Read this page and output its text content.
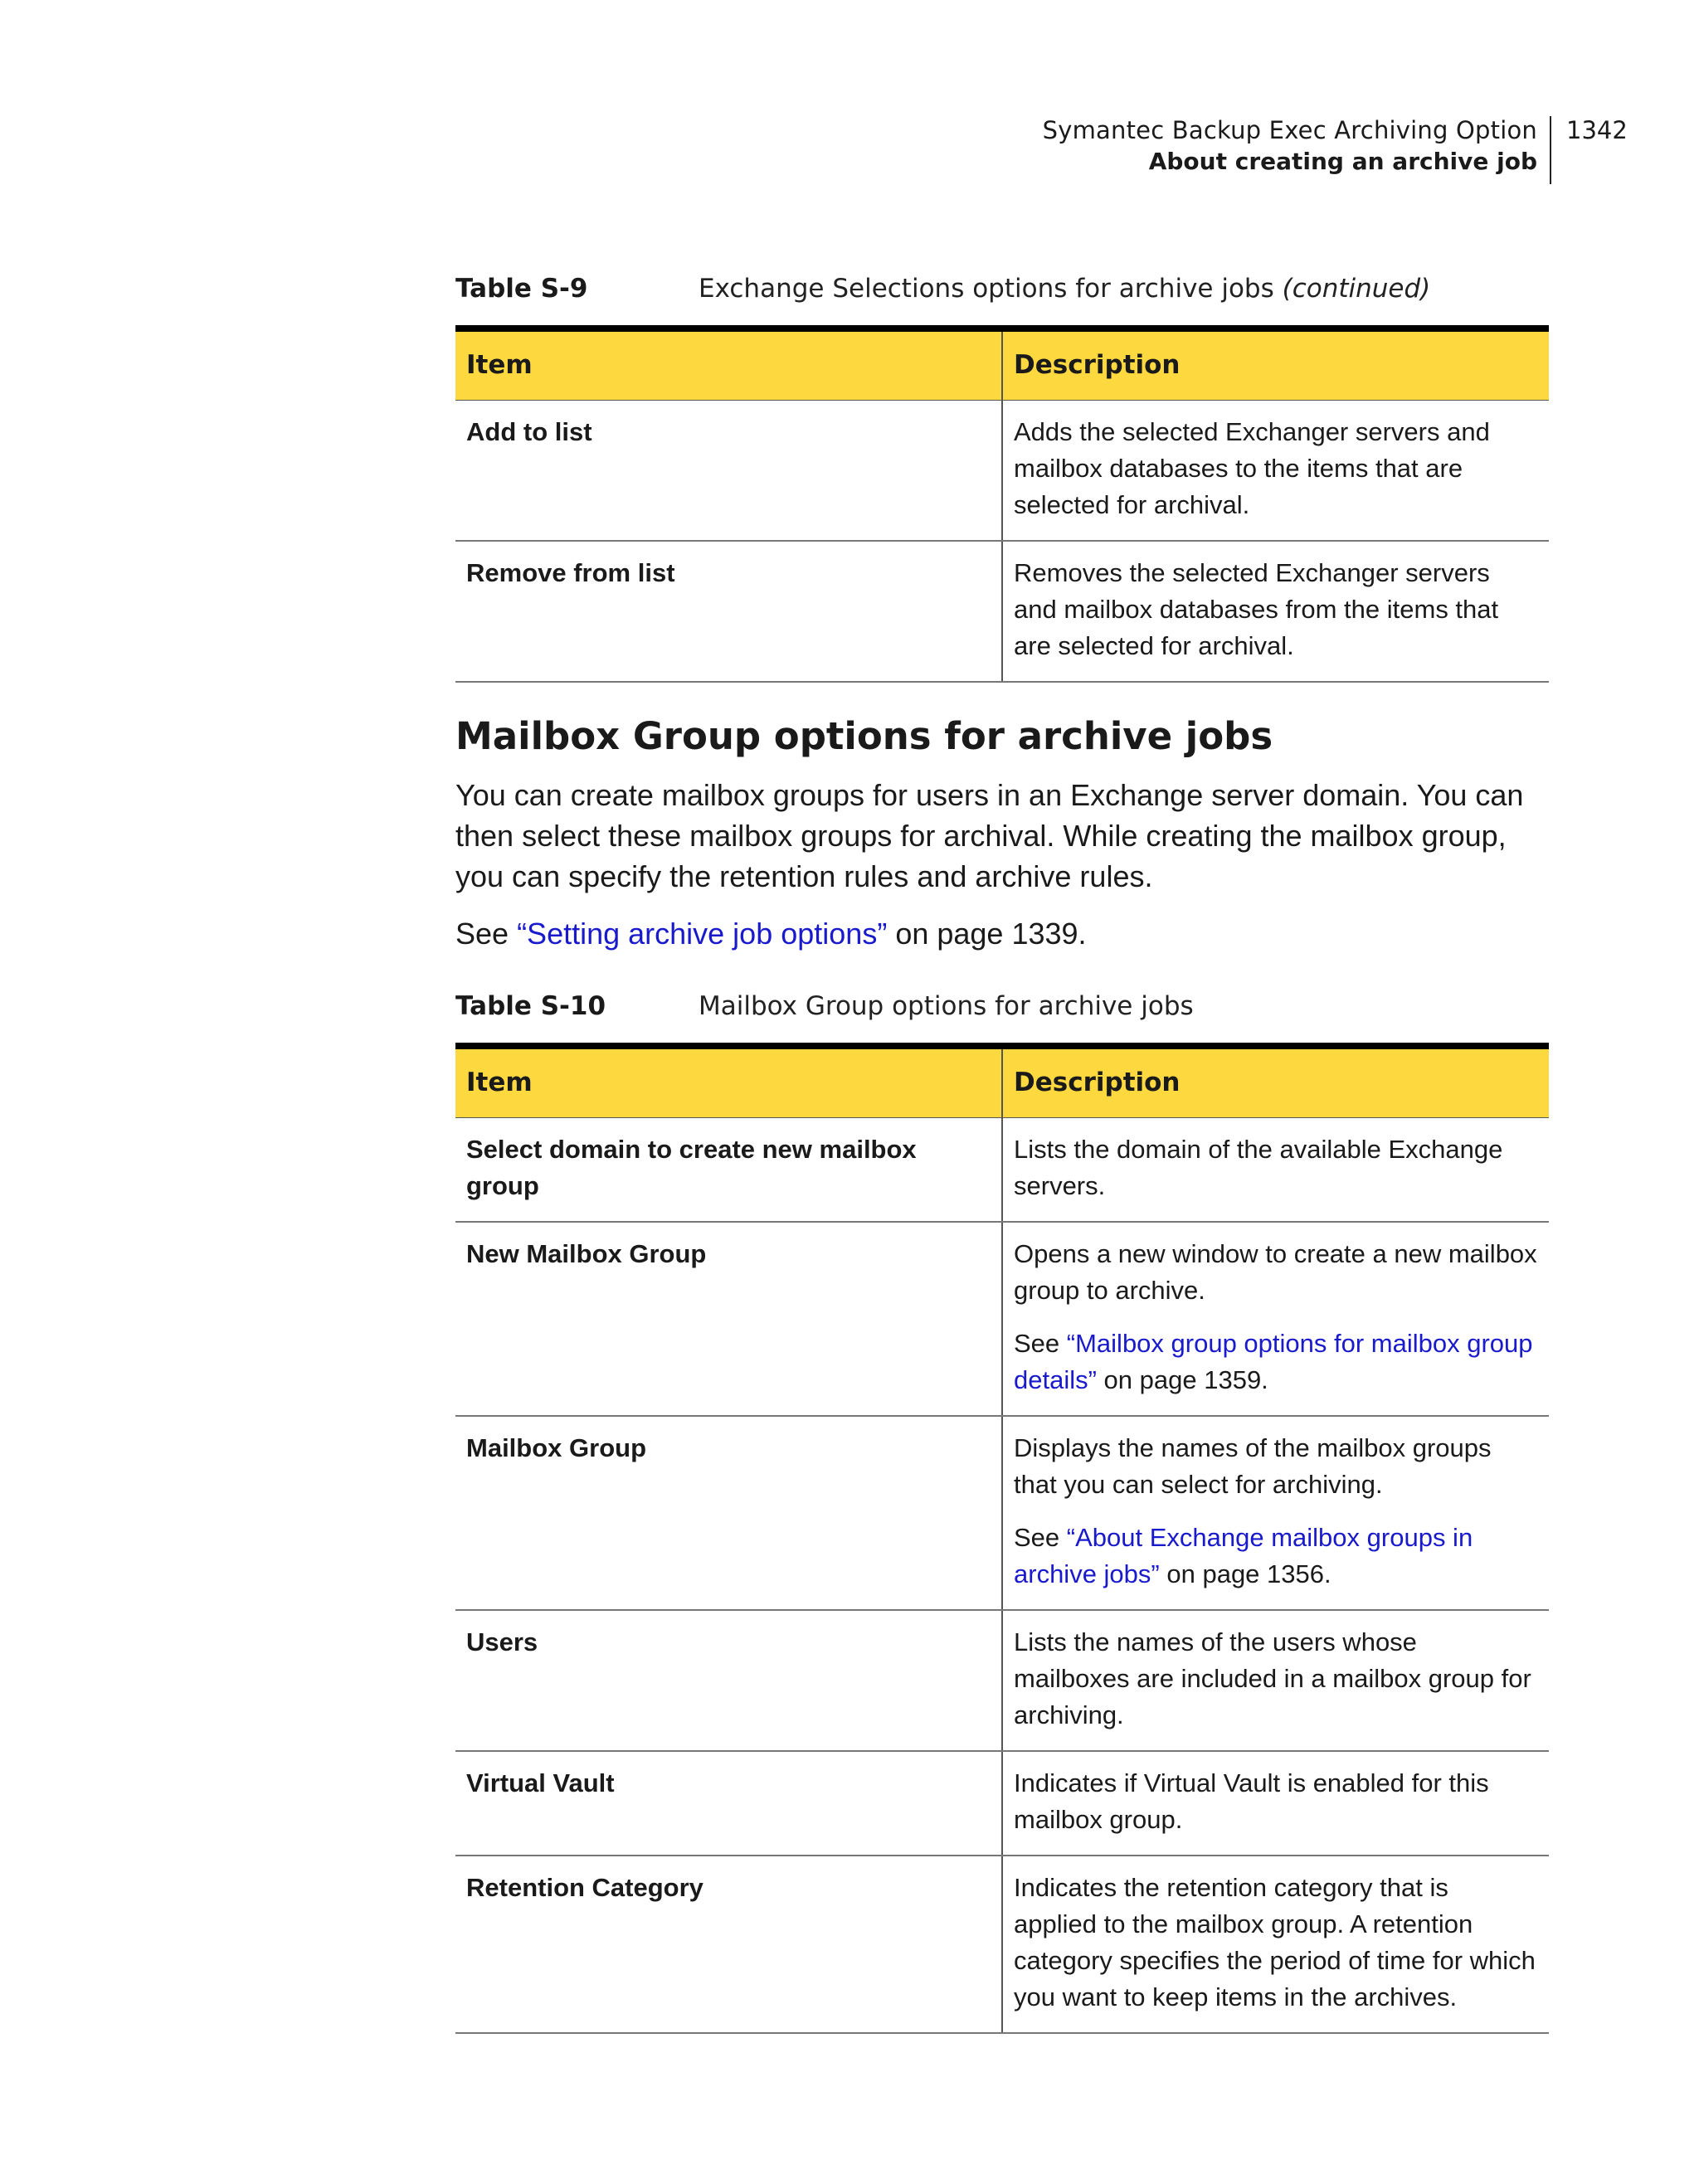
Symantec Backup Exec Archiving Option
About creating an archive job
1342
Table S-9	Exchange Selections options for archive jobs (continued)
Item	Description
Add to list	Adds the selected Exchanger servers and mailbox databases to the items that are selected for archival.

Remove from list	Removes the selected Exchanger servers and mailbox databases from the items that are selected for archival.

Mailbox Group options for archive jobs

You can create mailbox groups for users in an Exchange server domain. You can then select these mailbox groups for archival. While creating the mailbox group, you can specify the retention rules and archive rules.

See “Setting archive job options” on page 1339.

Table S-10	Mailbox Group options for archive jobs
Item	Description
Select domain to create new mailbox group	Lists the domain of the available Exchange servers.

New Mailbox Group	Opens a new window to create a new mailbox group to archive.

See “Mailbox group options for mailbox group details” on page 1359.

Mailbox Group	Displays the names of the mailbox groups that you can select for archiving.

See “About Exchange mailbox groups in archive jobs” on page 1356.

Users	Lists the names of the users whose mailboxes are included in a mailbox group for archiving.

Virtual Vault	Indicates if Virtual Vault is enabled for this mailbox group.

Retention Category	Indicates the retention category that is applied to the mailbox group. A retention category specifies the period of time for which you want to keep items in the archives.
